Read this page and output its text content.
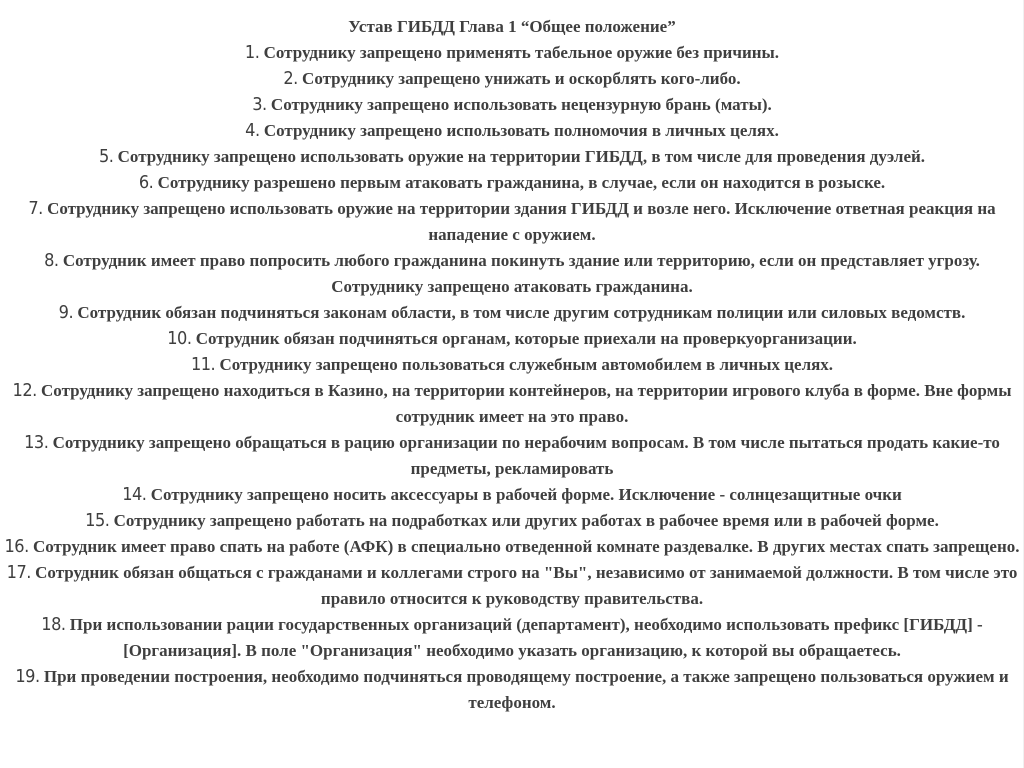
Устав ГИБДД Глава 1 “Общее положение”
1. Сотруднику запрещено применять табельное оружие без причины.
2. Сотруднику запрещено унижать и оскорблять кого-либо.
3. Сотруднику запрещено использовать нецензурную брань (маты).
4. Сотруднику запрещено использовать полномочия в личных целях.
5. Сотруднику запрещено использовать оружие на территории ГИБДД, в том числе для проведения дуэлей.
6. Сотруднику разрешено первым атаковать гражданина, в случае, если он находится в розыске.
7. Сотруднику запрещено использовать оружие на территории здания ГИБДД и возле него. Исключение ответная реакция на нападение с оружием.
8. Сотрудник имеет право попросить любого гражданина покинуть здание или территорию, если он представляет угрозу. Сотруднику запрещено атаковать гражданина.
9. Сотрудник обязан подчиняться законам области, в том числе другим сотрудникам полиции или силовых ведомств.
10. Сотрудник обязан подчиняться органам, которые приехали на проверкуорганизации.
11. Сотруднику запрещено пользоваться служебным автомобилем в личных целях.
12. Сотруднику запрещено находиться в Казино, на территории контейнеров, на территории игрового клуба в форме. Вне формы сотрудник имеет на это право.
13. Сотруднику запрещено обращаться в рацию организации по нерабочим вопросам. В том числе пытаться продать какие-то предметы, рекламировать
14. Сотруднику запрещено носить аксессуары в рабочей форме. Исключение - солнцезащитные очки
15. Сотруднику запрещено работать на подработках или других работах в рабочее время или в рабочей форме.
16. Сотрудник имеет право спать на работе (АФК) в специально отведенной комнате раздевалке. В других местах спать запрещено.
17. Сотрудник обязан общаться с гражданами и коллегами строго на "Вы", независимо от занимаемой должности. В том числе это правило относится к руководству правительства.
18. При использовании рации государственных организаций (департамент), необходимо использовать префикс [ГИБДД] - [Организация]. В поле "Организация" необходимо указать организацию, к которой вы обращаетесь.
19. При проведении построения, необходимо подчиняться проводящему построение, а также запрещено пользоваться оружием и телефоном.
